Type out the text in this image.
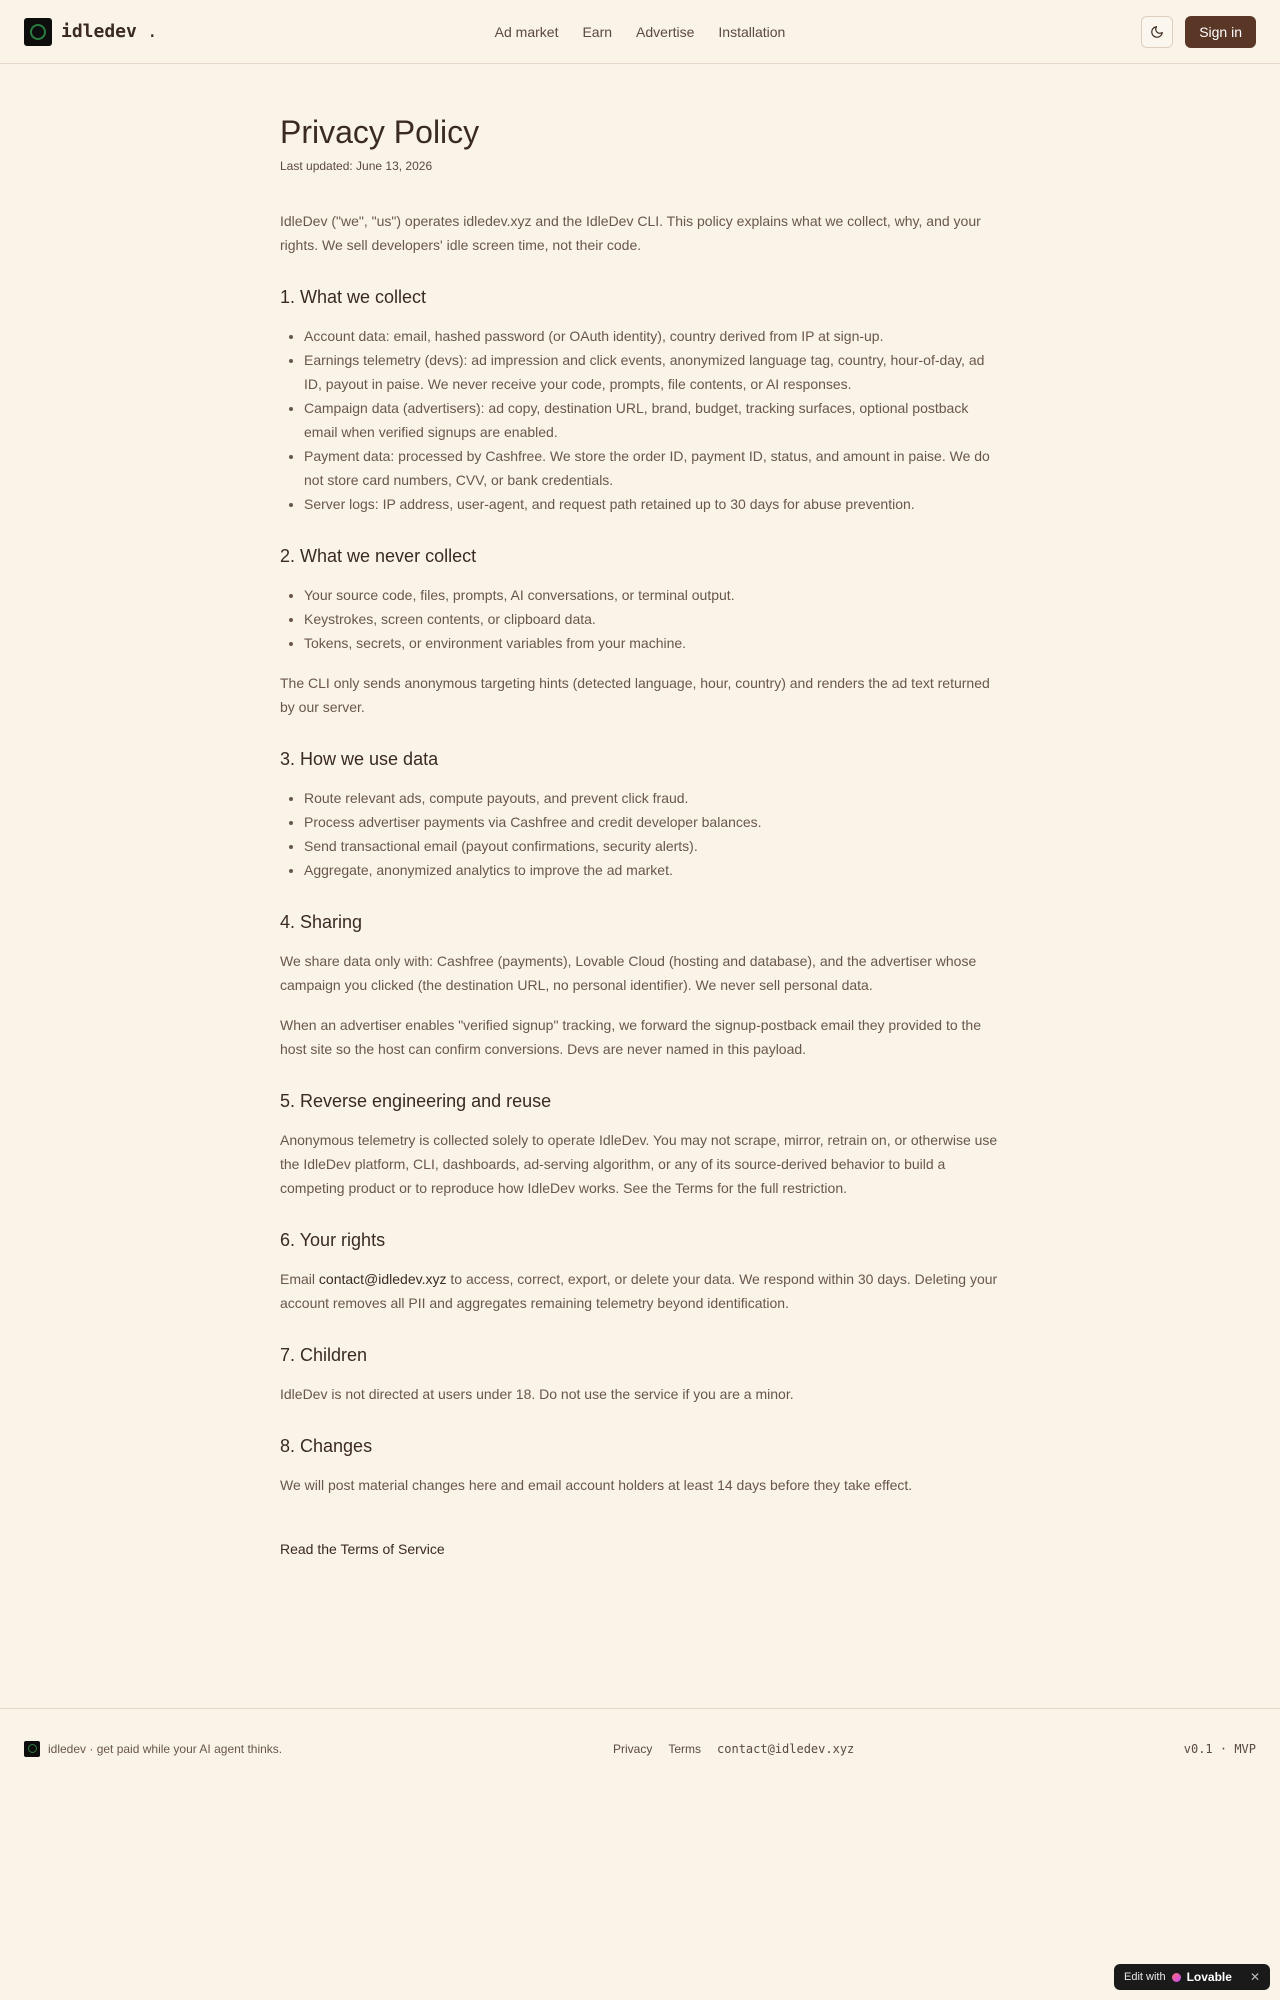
idledev .	Ad market Earn Advertise Installation	Sign in
Privacy Policy
Last updated: June 13, 2026

IdleDev ("we", "us") operates idledev.xyz and the IdleDev CLI. This policy explains what we collect, why, and your rights. We sell developers' idle screen time, not their code.

1. What we collect
• Account data: email, hashed password (or OAuth identity), country derived from IP at sign-up.
• Earnings telemetry (devs): ad impression and click events, anonymized language tag, country, hour-of-day, ad ID, payout in paise. We never receive your code, prompts, file contents, or AI responses.
• Campaign data (advertisers): ad copy, destination URL, brand, budget, tracking surfaces, optional postback email when verified signups are enabled.
• Payment data: processed by Cashfree. We store the order ID, payment ID, status, and amount in paise. We do not store card numbers, CVV, or bank credentials.
• Server logs: IP address, user-agent, and request path retained up to 30 days for abuse prevention.
2. What we never collect
• Your source code, files, prompts, AI conversations, or terminal output.
• Keystrokes, screen contents, or clipboard data.
• Tokens, secrets, or environment variables from your machine.

The CLI only sends anonymous targeting hints (detected language, hour, country) and renders the ad text returned by our server.

3. How we use data
• Route relevant ads, compute payouts, and prevent click fraud.
• Process advertiser payments via Cashfree and credit developer balances.
• Send transactional email (payout confirmations, security alerts).
• Aggregate, anonymized analytics to improve the ad market.
4. Sharing

We share data only with: Cashfree (payments), Lovable Cloud (hosting and database), and the advertiser whose campaign you clicked (the destination URL, no personal identifier). We never sell personal data.

When an advertiser enables "verified signup" tracking, we forward the signup-postback email they provided to the host site so the host can confirm conversions. Devs are never named in this payload.

5. Reverse engineering and reuse

Anonymous telemetry is collected solely to operate IdleDev. You may not scrape, mirror, retrain on, or otherwise use the IdleDev platform, CLI, dashboards, ad-serving algorithm, or any of its source-derived behavior to build a competing product or to reproduce how IdleDev works. See the Terms for the full restriction.

6. Your rights

Email contact@idledev.xyz to access, correct, export, or delete your data. We respond within 30 days. Deleting your account removes all PII and aggregates remaining telemetry beyond identification.

7. Children

IdleDev is not directed at users under 18. Do not use the service if you are a minor.

8. Changes

We will post material changes here and email account holders at least 14 days before they take effect.

Read the Terms of Service
idledev · get paid while your AI agent thinks.	Privacy Terms contact@idledev.xyz	v0.1 · MVP
Edit with Lovable ✕
